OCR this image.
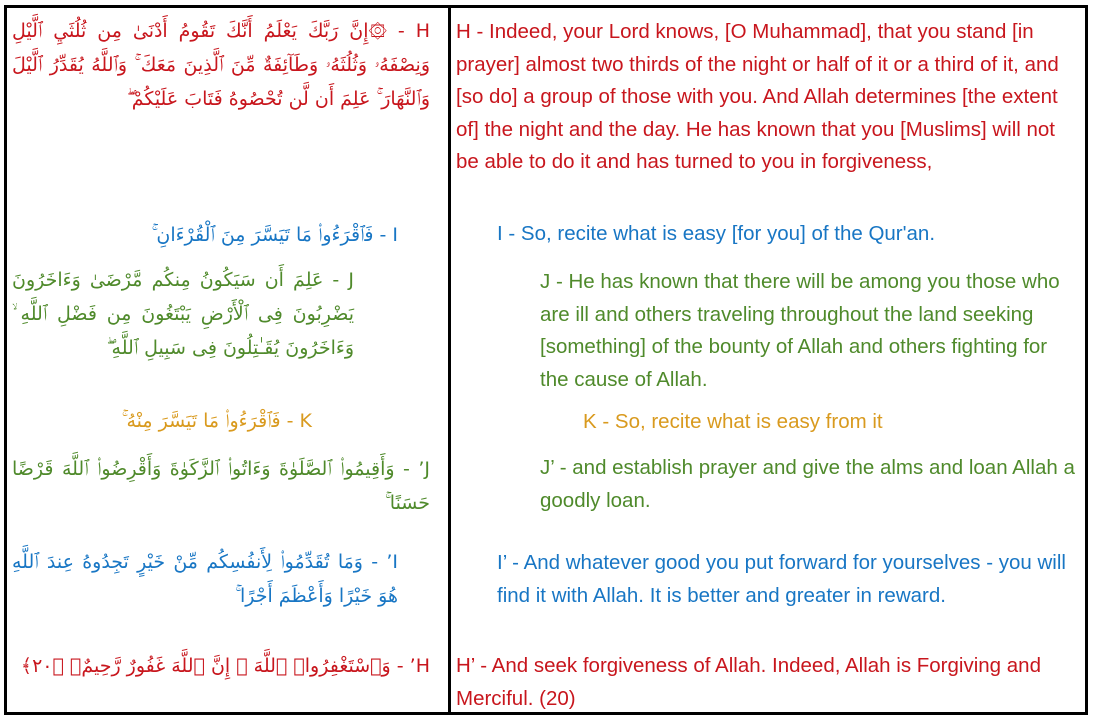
H - ۞إِنَّ رَبَّكَ يَعْلَمُ أَنَّكَ تَقُومُ أَدْنَىٰ مِن ثُلُثَيِ ٱلَّيْلِ وَنِصْفَهُۥ وَثُلُثَهُۥ وَطَآئِفَةٌ مِّنَ ٱلَّذِينَ مَعَكَ ۚ وَٱللَّهُ يُقَدِّرُ ٱلَّيْلَ وَٱلنَّهَارَ ۚ عَلِمَ أَن لَّن تُحْصُوهُ فَتَابَ عَلَيْكُمْ ۖ
H - Indeed, your Lord knows, [O Muhammad], that you stand [in prayer] almost two thirds of the night or half of it or a third of it, and [so do] a group of those with you. And Allah determines [the extent of] the night and the day. He has known that you [Muslims] will not be able to do it and has turned to you in forgiveness,
I - فَٱقْرَءُوا۟ مَا تَيَسَّرَ مِنَ ٱلْقُرْءَانِ ۚ	I - So, recite what is easy [for you] of the Qur'an.
J - عَلِمَ أَن سَيَكُونُ مِنكُم مَّرْضَىٰ وَءَاخَرُونَ يَضْرِبُونَ فِى ٱلْأَرْضِ يَبْتَغُونَ مِن فَضْلِ ٱللَّهِ ۙ وَءَاخَرُونَ يُقَـٰتِلُونَ فِى سَبِيلِ ٱللَّهِ ۖ
J - He has known that there will be among you those who are ill and others traveling throughout the land seeking [something] of the bounty of Allah and others fighting for the cause of Allah.
K - فَٱقْرَءُوا۟ مَا تَيَسَّرَ مِنْهُ ۚ	K - So, recite what is easy from it
J’ - وَأَقِيمُوا۟ ٱلصَّلَوٰةَ وَءَاتُوا۟ ٱلزَّكَوٰةَ وَأَقْرِضُوا۟ ٱللَّهَ قَرْضًا حَسَنًا ۚ
J’ - and establish prayer and give the alms and loan Allah a goodly loan.
I’ - وَمَا تُقَدِّمُوا۟ لِأَنفُسِكُم مِّنْ خَيْرٍ تَجِدُوهُ عِندَ ٱللَّهِ هُوَ خَيْرًا وَأَعْظَمَ أَجْرًا ۚ
I’ - And whatever good you put forward for yourselves - you will find it with Allah. It is better and greater in reward.
H’ - وَٱسْتَغْفِرُوا۟ ٱللَّهَ ۖ إِنَّ ٱللَّهَ غَفُورٌ رَّحِيمٌۢ ﴿٢٠﴾ H’ - And seek forgiveness of Allah. Indeed, Allah is Forgiving and Merciful. (20)
